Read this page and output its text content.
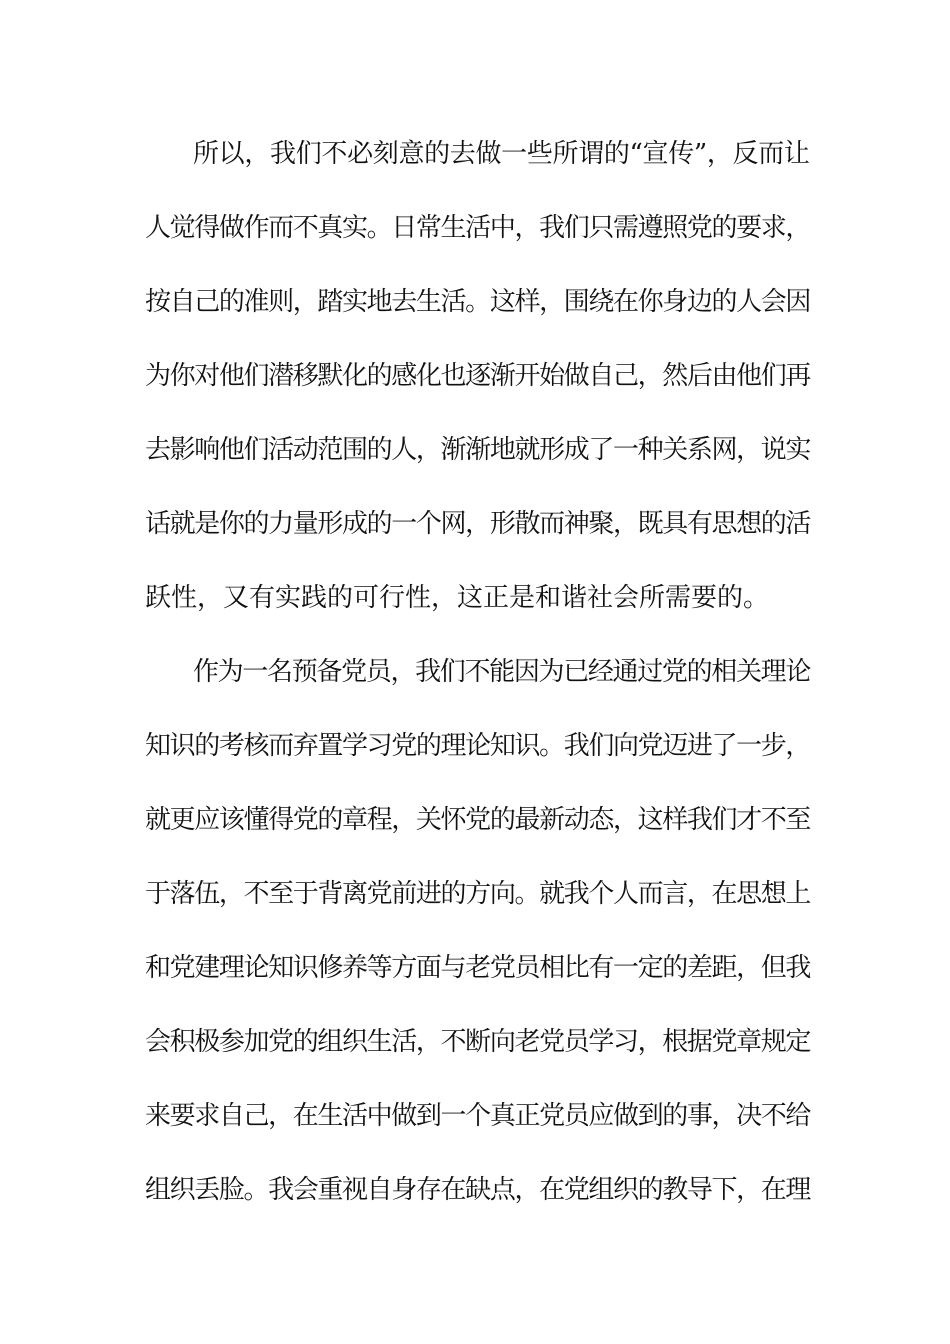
所以，我们不必刻意的去做一些所谓的“宣传”，反而让
人觉得做作而不真实。日常生活中，我们只需遵照党的要求，
按自己的准则，踏实地去生活。这样，围绕在你身边的人会因
为你对他们潜移默化的感化也逐渐开始做自己，然后由他们再
去影响他们活动范围的人，渐渐地就形成了一种关系网，说实
话就是你的力量形成的一个网，形散而神聚，既具有思想的活
跃性，又有实践的可行性，这正是和谐社会所需要的。
作为一名预备党员，我们不能因为已经通过党的相关理论
知识的考核而弃置学习党的理论知识。我们向党迈进了一步，
就更应该懂得党的章程，关怀党的最新动态，这样我们才不至
于落伍，不至于背离党前进的方向。就我个人而言，在思想上
和党建理论知识修养等方面与老党员相比有一定的差距，但我
会积极参加党的组织生活，不断向老党员学习，根据党章规定
来要求自己，在生活中做到一个真正党员应做到的事，决不给
组织丢脸。我会重视自身存在缺点，在党组织的教导下，在理
